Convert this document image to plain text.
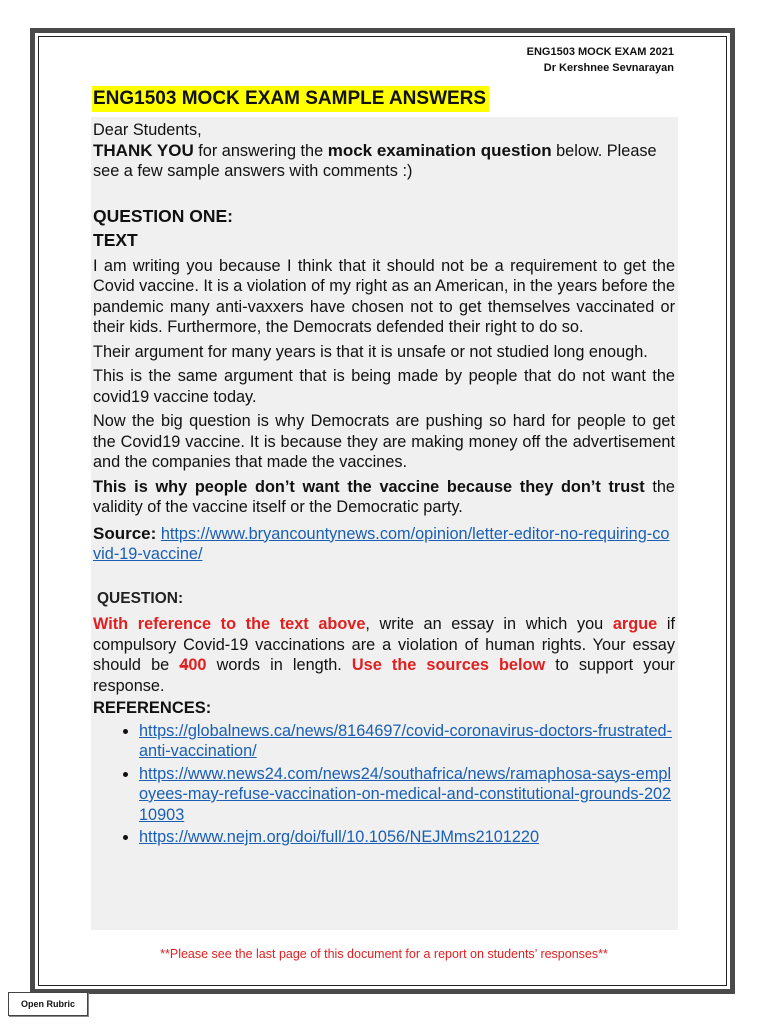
ENG1503 MOCK EXAM 2021
Dr Kershnee Sevnarayan
ENG1503 MOCK EXAM SAMPLE ANSWERS

Dear Students,

THANK YOU for answering the mock examination question below. Please see a few sample answers with comments :)

QUESTION ONE:
TEXT

I am writing you because I think that it should not be a requirement to get the Covid vaccine. It is a violation of my right as an American, in the years before the pandemic many anti-vaxxers have chosen not to get themselves vaccinated or their kids. Furthermore, the Democrats defended their right to do so.

Their argument for many years is that it is unsafe or not studied long enough.

This is the same argument that is being made by people that do not want the covid19 vaccine today.

Now the big question is why Democrats are pushing so hard for people to get the Covid19 vaccine. It is because they are making money off the advertisement and the companies that made the vaccines.

This is why people don’t want the vaccine because they don’t trust the validity of the vaccine itself or the Democratic party.

Source: https://www.bryancountynews.com/opinion/letter-editor-no-requiring-covid-19-vaccine/

QUESTION:

With reference to the text above, write an essay in which you argue if compulsory Covid-19 vaccinations are a violation of human rights. Your essay should be 400 words in length. Use the sources below to support your response.

REFERENCES:
• https://globalnews.ca/news/8164697/covid-coronavirus-doctors-frustrated-anti-vaccination/
• https://www.news24.com/news24/southafrica/news/ramaphosa-says-employees-may-refuse-vaccination-on-medical-and-constitutional-grounds-20210903
• https://www.nejm.org/doi/full/10.1056/NEJMms2101220
**Please see the last page of this document for a report on students’ responses**
Open Rubric
